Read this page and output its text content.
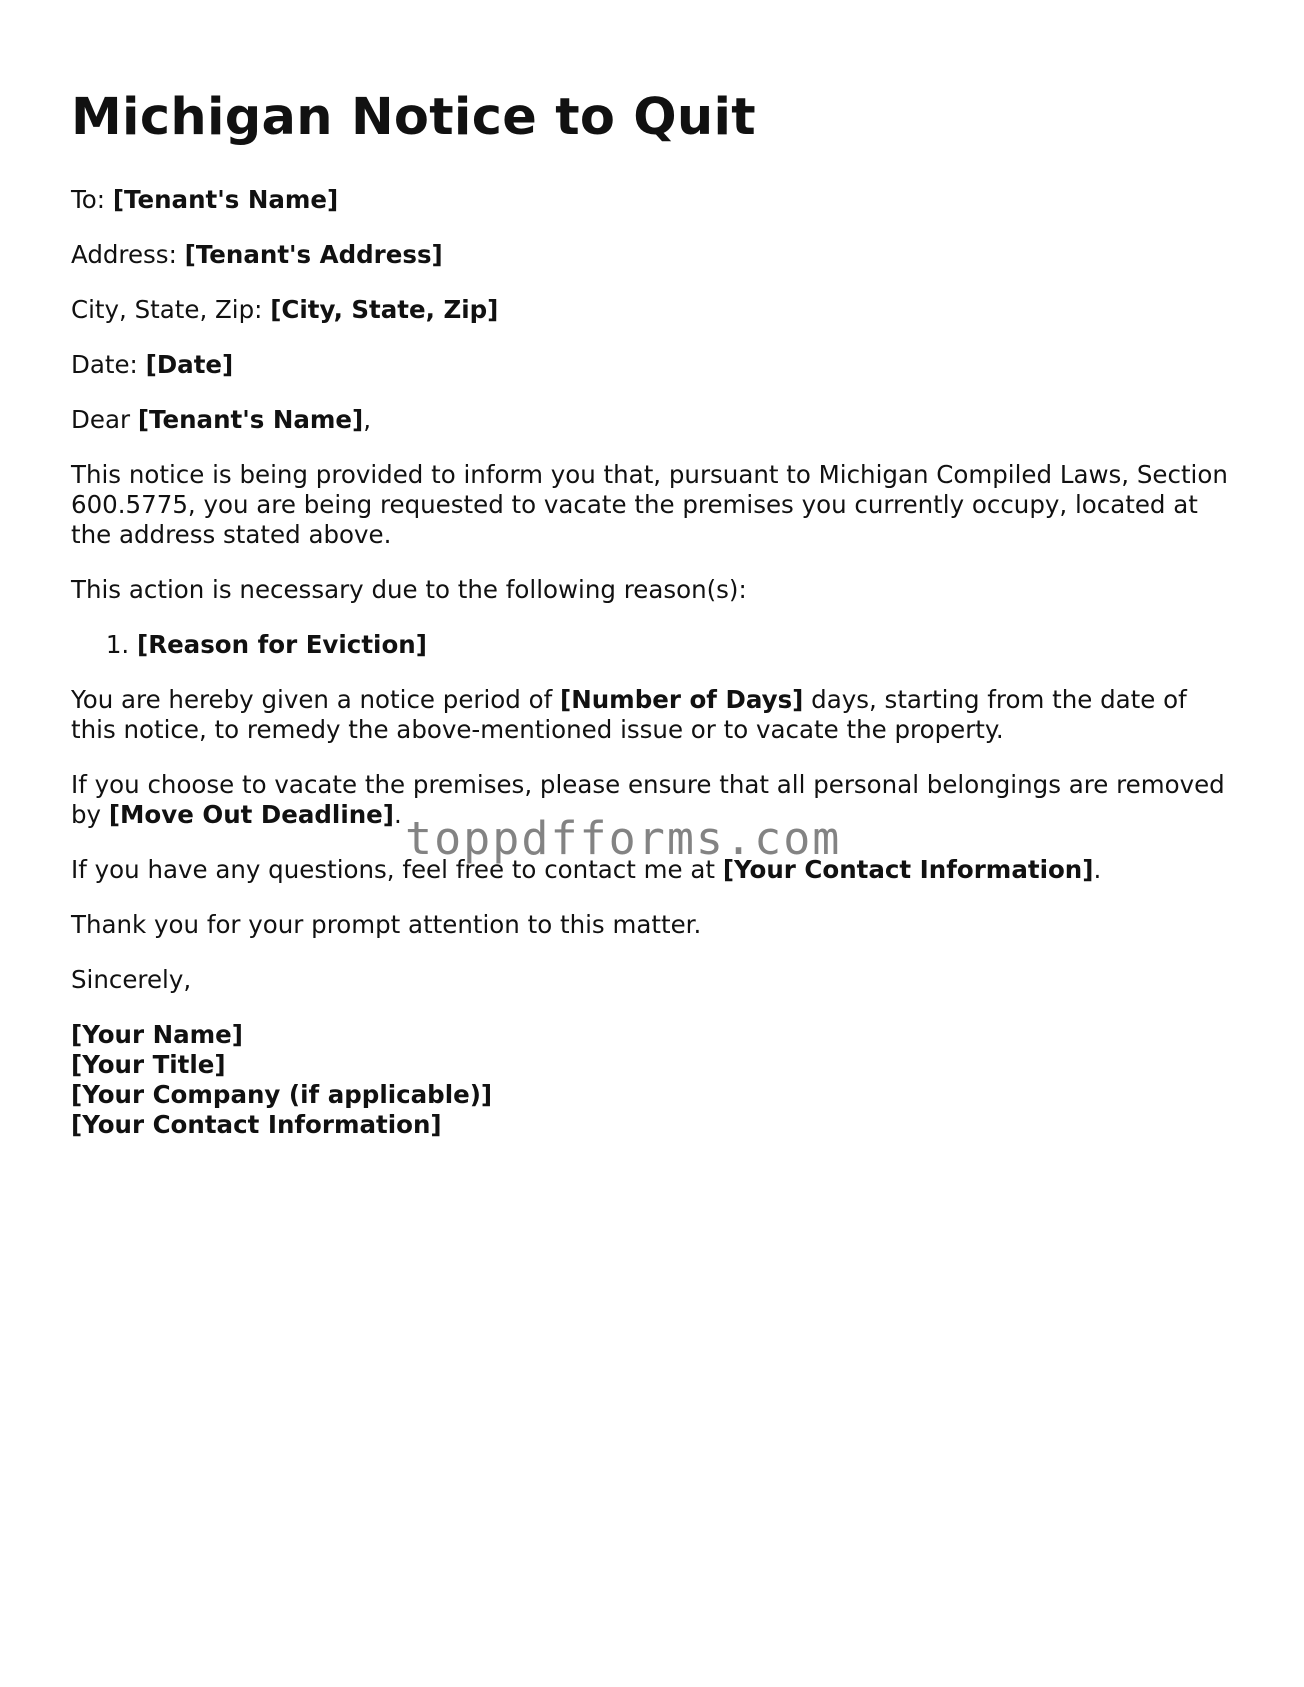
Michigan Notice to Quit

To: [Tenant's Name]

Address: [Tenant's Address]

City, State, Zip: [City, State, Zip]

Date: [Date]

Dear [Tenant's Name],

This notice is being provided to inform you that, pursuant to Michigan Compiled Laws, Section 600.5775, you are being requested to vacate the premises you currently occupy, located at the address stated above.

This action is necessary due to the following reason(s):

1. [Reason for Eviction]

You are hereby given a notice period of [Number of Days] days, starting from the date of this notice, to remedy the above-mentioned issue or to vacate the property.

If you choose to vacate the premises, please ensure that all personal belongings are removed by [Move Out Deadline].

If you have any questions, feel free to contact me at [Your Contact Information].

Thank you for your prompt attention to this matter.

Sincerely,

[Your Name]

[Your Title]

[Your Company (if applicable)]

[Your Contact Information]

toppdfforms.com
